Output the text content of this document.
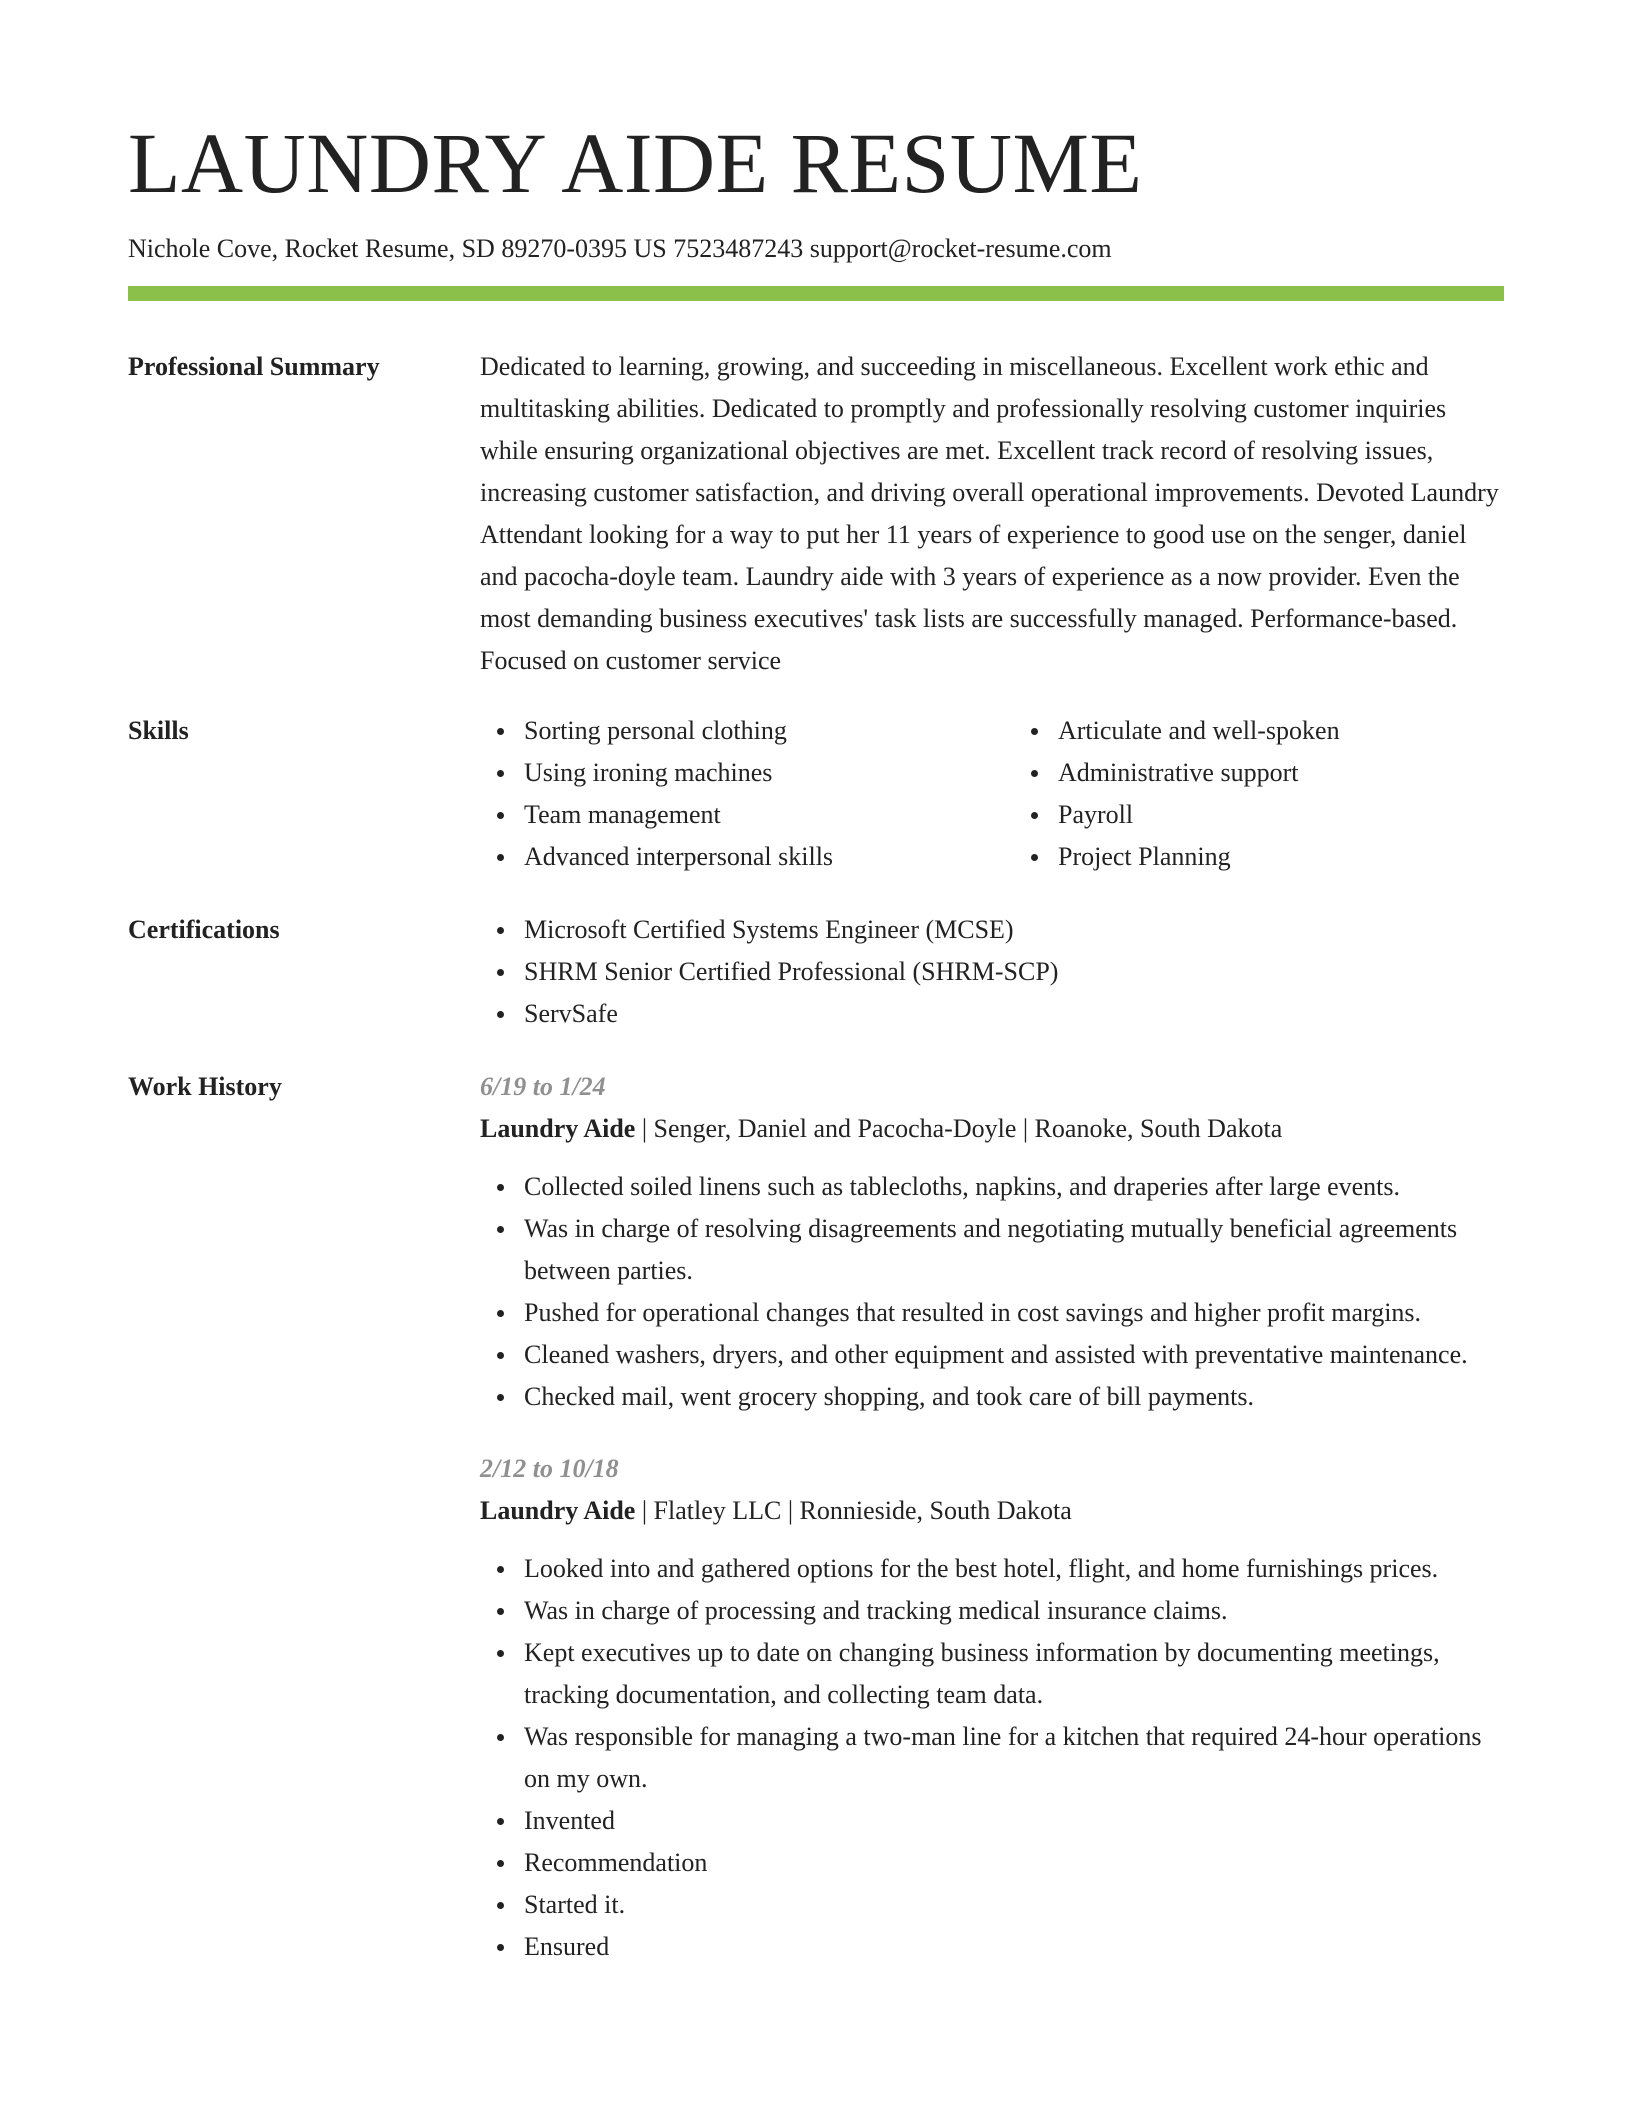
LAUNDRY AIDE RESUME
Nichole Cove, Rocket Resume, SD 89270-0395 US 7523487243 support@rocket-resume.com
Professional Summary	Dedicated to learning, growing, and succeeding in miscellaneous. Excellent work ethic and multitasking abilities. Dedicated to promptly and professionally resolving customer inquiries while ensuring organizational objectives are met. Excellent track record of resolving issues, increasing customer satisfaction, and driving overall operational improvements. Devoted Laundry Attendant looking for a way to put her 11 years of experience to good use on the senger, daniel and pacocha-doyle team. Laundry aide with 3 years of experience as a now provider. Even the most demanding business executives' task lists are successfully managed. Performance-based. Focused on customer service

Skills	Sorting personal clothing
Using ironing machines
Team management
Advanced interpersonal skills
Articulate and well-spoken
Administrative support
Payroll
Project Planning
Certifications	Microsoft Certified Systems Engineer (MCSE)
SHRM Senior Certified Professional (SHRM-SCP)
ServSafe
Work History	6/19 to 1/24
Laundry Aide | Senger, Daniel and Pacocha-Doyle | Roanoke, South Dakota
Collected soiled linens such as tablecloths, napkins, and draperies after large events.
Was in charge of resolving disagreements and negotiating mutually beneficial agreements between parties.
Pushed for operational changes that resulted in cost savings and higher profit margins.
Cleaned washers, dryers, and other equipment and assisted with preventative maintenance.
Checked mail, went grocery shopping, and took care of bill payments.
2/12 to 10/18
Laundry Aide | Flatley LLC | Ronnieside, South Dakota
Looked into and gathered options for the best hotel, flight, and home furnishings prices.
Was in charge of processing and tracking medical insurance claims.
Kept executives up to date on changing business information by documenting meetings, tracking documentation, and collecting team data.
Was responsible for managing a two-man line for a kitchen that required 24-hour operations on my own.
Invented
Recommendation
Started it.
Ensured
